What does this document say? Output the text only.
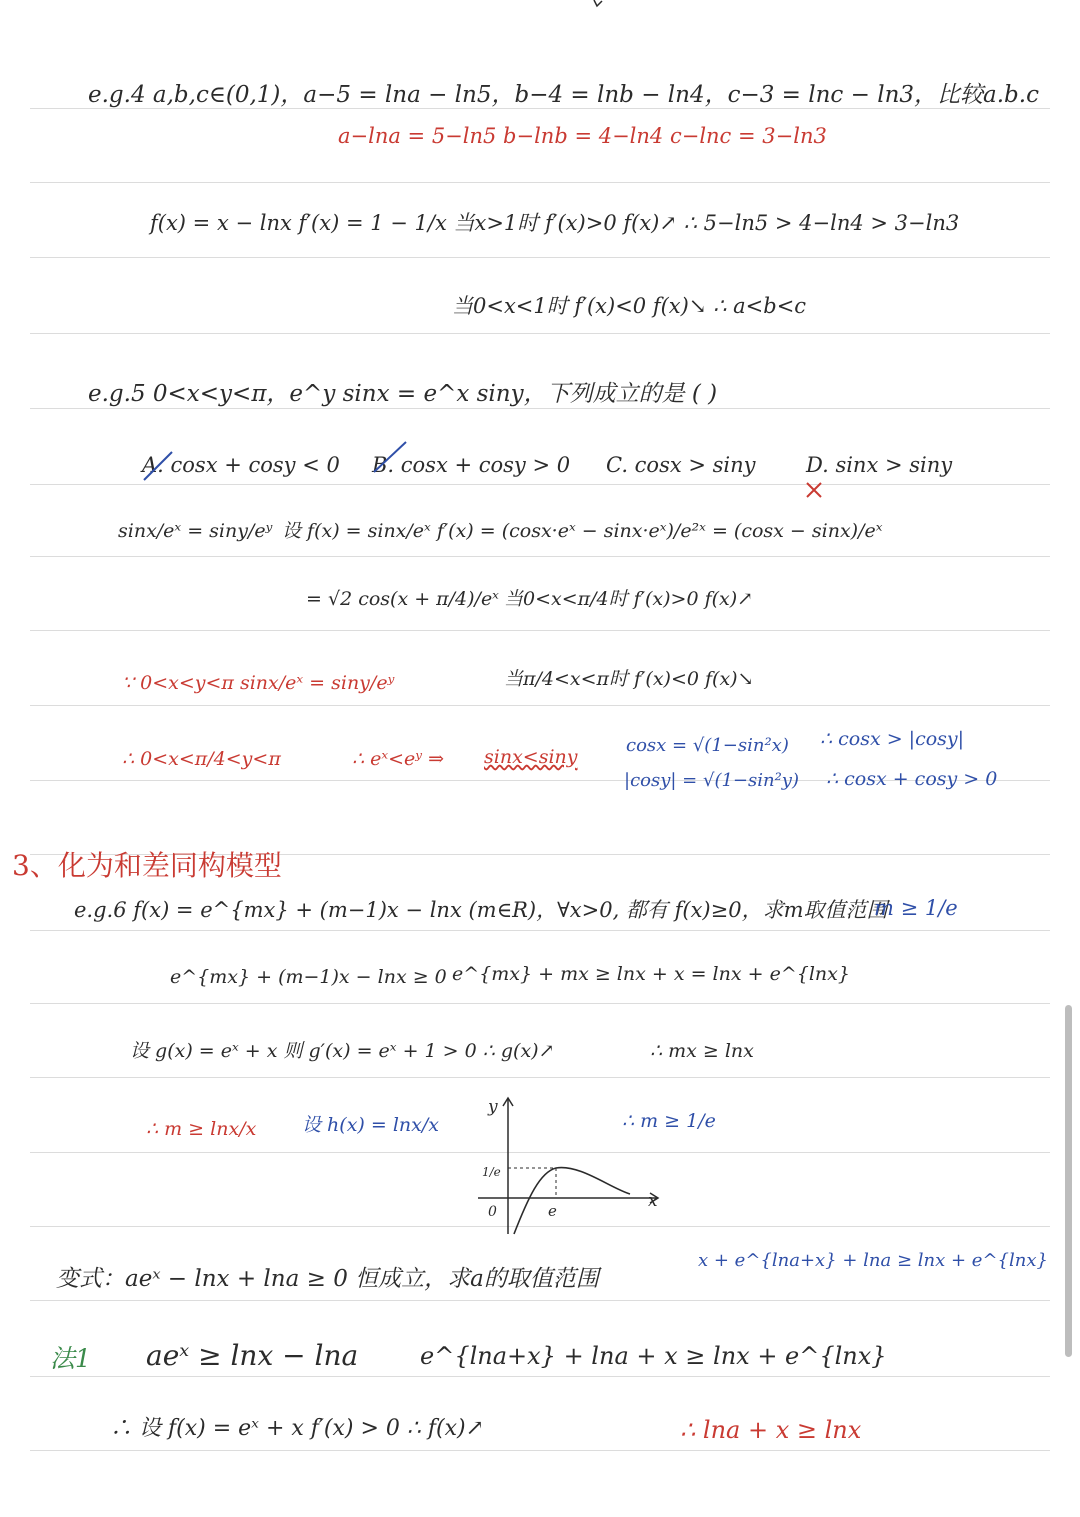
e.g.4 a,b,c∈(0,1)，a−5 = lna − ln5，b−4 = lnb − ln4，c−3 = lnc − ln3，比较a.b.c
a−lna = 5−ln5 b−lnb = 4−ln4 c−lnc = 3−ln3
f(x) = x − lnx f′(x) = 1 − 1/x 当x>1时 f′(x)>0 f(x)↗ ∴ 5−ln5 > 4−ln4 > 3−ln3
当0<x<1时 f′(x)<0 f(x)↘ ∴ a<b<c
e.g.5 0<x<y<π，e^y sinx = e^x siny，下列成立的是 ( )
A. cosx + cosy < 0 B. cosx + cosy > 0 C. cosx > siny D. sinx > siny
sinx/eˣ = siny/eʸ 设 f(x) = sinx/eˣ f′(x) = (cosx·eˣ − sinx·eˣ)/e²ˣ = (cosx − sinx)/eˣ
= √2 cos(x + π/4)/eˣ 当0<x<π/4时 f′(x)>0 f(x)↗
∵ 0<x<y<π sinx/eˣ = siny/eʸ	当π/4<x<π时 f′(x)<0 f(x)↘
∴ 0<x<π/4<y<π	∴ eˣ<eʸ ⇒ sinx<siny
cosx = √(1−sin²x)
|cosy| = √(1−sin²y)
∴ cosx > |cosy|
∴ cosx + cosy > 0
3、化为和差同构模型
e.g.6 f(x) = e^{mx} + (m−1)x − lnx (m∈R)，∀x>0, 都有 f(x)≥0，求m取值范围
m ≥ 1/e
e^{mx} + (m−1)x − lnx ≥ 0 e^{mx} + mx ≥ lnx + x = lnx + e^{lnx}
设 g(x) = eˣ + x 则 g′(x) = eˣ + 1 > 0 ∴ g(x)↗	∴ mx ≥ lnx
∴ m ≥ lnx/x 设 h(x) = lnx/x	∴ m ≥ 1/e
y
x
0	e
1/e
变式：aeˣ − lnx + lna ≥ 0 恒成立，求a的取值范围
x + e^{lna+x} + lna ≥ lnx + e^{lnx}
法1 aeˣ ≥ lnx − lna	e^{lna+x} + lna + x ≥ lnx + e^{lnx}
∴ 设 f(x) = eˣ + x f′(x) > 0 ∴ f(x)↗	∴ lna + x ≥ lnx
